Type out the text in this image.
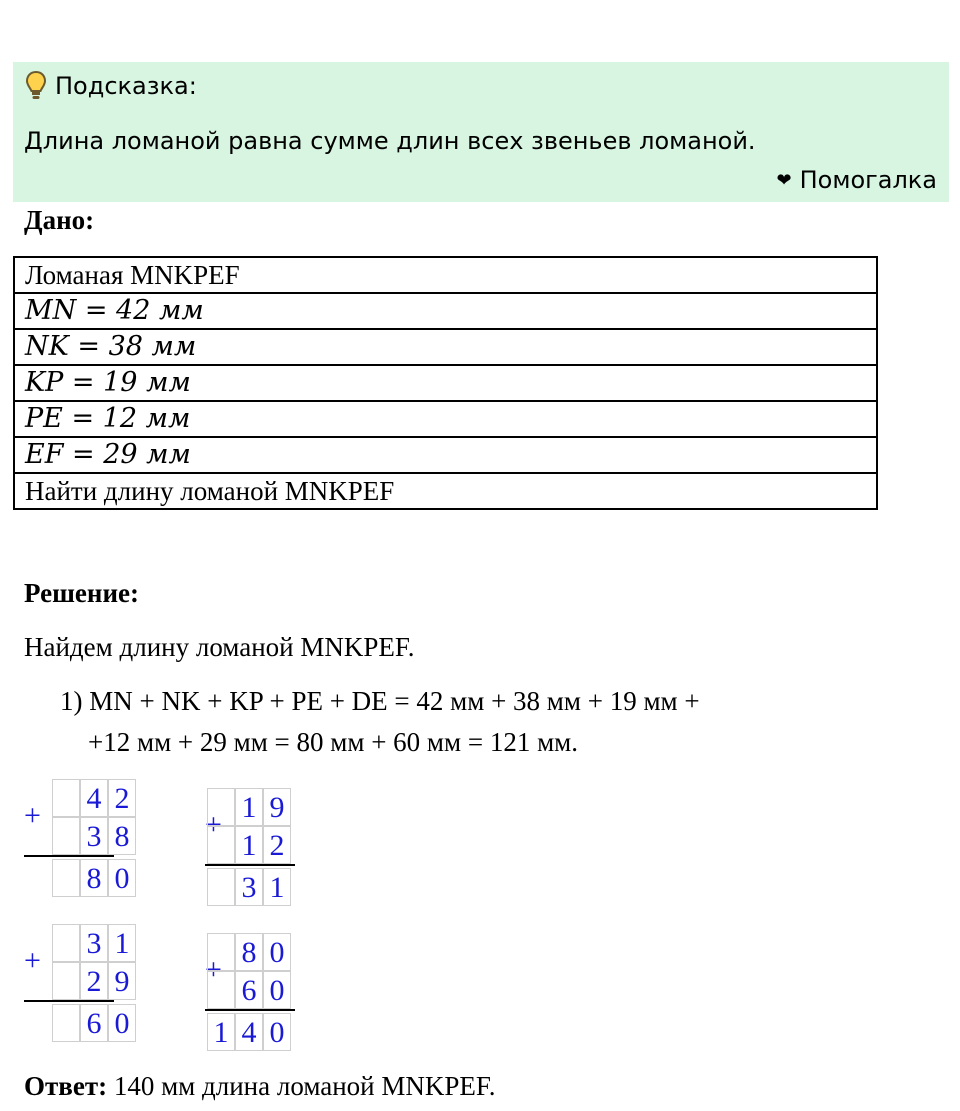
Подсказка:
Длина ломаной равна сумме длин всех звеньев ломаной.
❤ Помогалка
Дано:
Ломаная MNKPEF
MN = 42 мм
NK = 38 мм
KP = 19 мм
PЕ = 12 мм
EF = 29 мм
Найти длину ломаной MNKPEF
Решение:
Найдем длину ломаной MNKPEF.
1) MN + NK + KP + PЕ + DE = 42 мм + 38 мм + 19 мм +
+12 мм + 29 мм = 80 мм + 60 мм = 121 мм.
+
4 2
3 8
8 0
+
1 9
1 2
3 1
+
3 1
2 9
6 0
+
8 0
6 0
1 4 0
Ответ: 140 мм длина ломаной MNKPEF.
